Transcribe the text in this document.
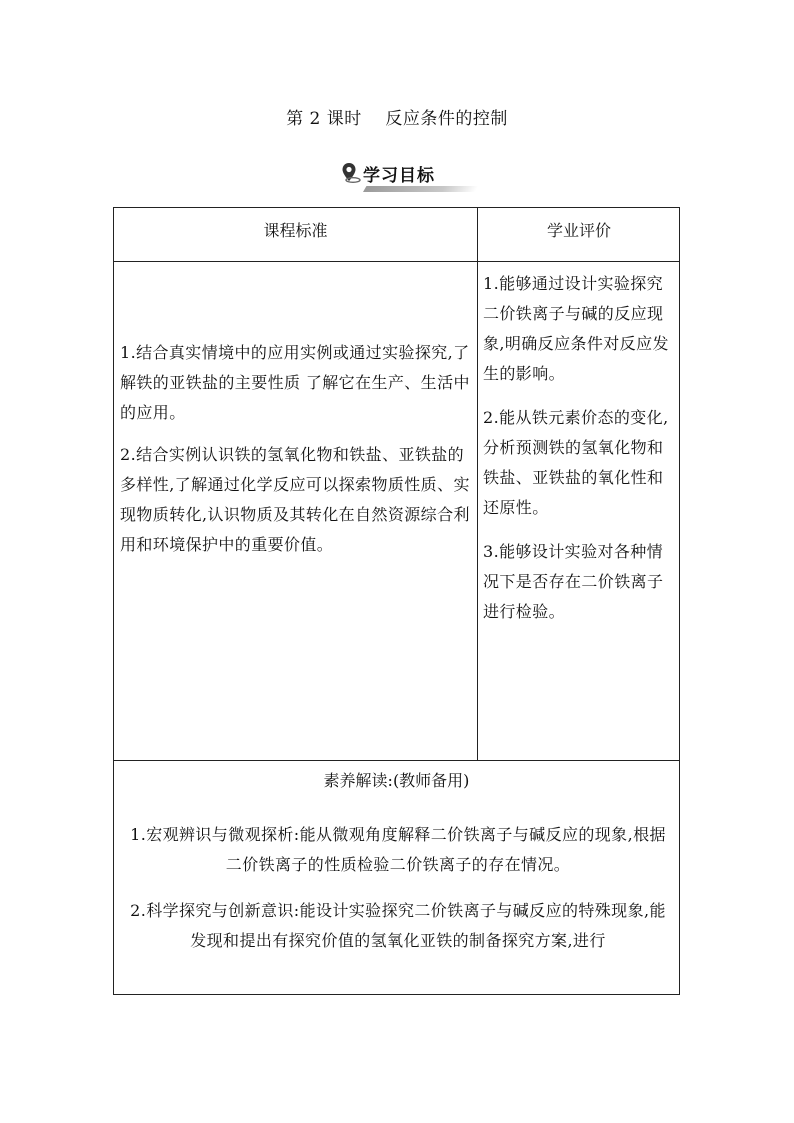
第 2 课时    反应条件的控制
学习目标
课程标准	学业评价

1.结合真实情境中的应用实例或通过实验探究,了解铁的亚铁盐的主要性质 了解它在生产、生活中的应用。

2.结合实例认识铁的氢氧化物和铁盐、亚铁盐的多样性,了解通过化学反应可以探索物质性质、实现物质转化,认识物质及其转化在自然资源综合利用和环境保护中的重要价值。

1.能够通过设计实验探究二价铁离子与碱的反应现象,明确反应条件对反应发生的影响。

2.能从铁元素价态的变化,分析预测铁的氢氧化物和铁盐、亚铁盐的氧化性和还原性。

3.能够设计实验对各种情况下是否存在二价铁离子进行检验。

素养解读:(教师备用)

1.宏观辨识与微观探析:能从微观角度解释二价铁离子与碱反应的现象,根据二价铁离子的性质检验二价铁离子的存在情况。

2.科学探究与创新意识:能设计实验探究二价铁离子与碱反应的特殊现象,能发现和提出有探究价值的氢氧化亚铁的制备探究方案,进行
